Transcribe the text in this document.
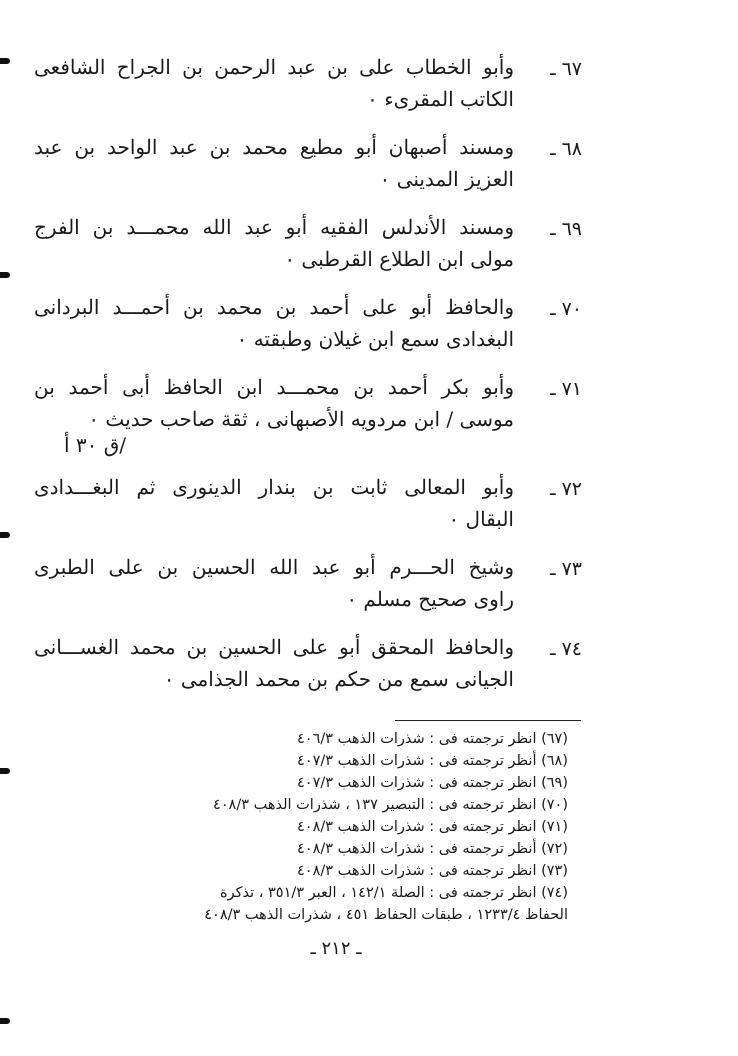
٦٧ ـ
وأبو الخطاب على بن عبد الرحمن بن الجراح الشافعى
الكاتب المقرىء ٠
٦٨ ـ
ومسند أصبهان أبو مطيع محمد بن عبد الواحد بن عبد
العزيز المدينى ٠
٦٩ ـ
ومسند الأندلس الفقيه أبو عبد الله محمـــد بن الفرج
مولى ابن الطلاع القرطبى ٠
٧٠ ـ
والحافظ أبو على أحمد بن محمد بن أحمـــد البردانى
البغدادى سمع ابن غيلان وطبقته ٠
٧١ ـ
وأبو بكر أحمد بن محمـــد ابن الحافظ أبى أحمد بن
موسى / ابن مردويه الأصبهانى ، ثقة صاحب حديث ٠
/ق ٣٠ أ
٧٢ ـ
وأبو المعالى ثابت بن بندار الدينورى ثم البغـــدادى
البقال ٠
٧٣ ـ
وشيخ الحـــرم أبو عبد الله الحسين بن على الطبرى
راوى صحيح مسلم ٠
٧٤ ـ
والحافظ المحقق أبو على الحسين بن محمد الغســـانى
الجيانى سمع من حكم بن محمد الجذامى ٠
(٦٧) انظر ترجمته فى : شذرات الذهب ٤٠٦/٣
(٦٨) أنظر ترجمته فى : شذرات الذهب ٤٠٧/٣
(٦٩) انظر ترجمته فى : شذرات الذهب ٤٠٧/٣
(٧٠) انظر ترجمته فى : التبصير ١٣٧ ، شذرات الذهب ٤٠٨/٣
(٧١) انظر ترجمته فى : شذرات الذهب ٤٠٨/٣
(٧٢) أنظر ترجمته فى : شذرات الذهب ٤٠٨/٣
(٧٣) انظر ترجمته فى : شذرات الذهب ٤٠٨/٣
(٧٤) انظر ترجمته فى : الصلة ١٤٢/١ ، العبر ٣٥١/٣ ، تذكرة
الحفاظ ١٢٣٣/٤ ، طبقات الحفاظ ٤٥١ ، شذرات الذهب ٤٠٨/٣
ـ ٢١٢ ـ
